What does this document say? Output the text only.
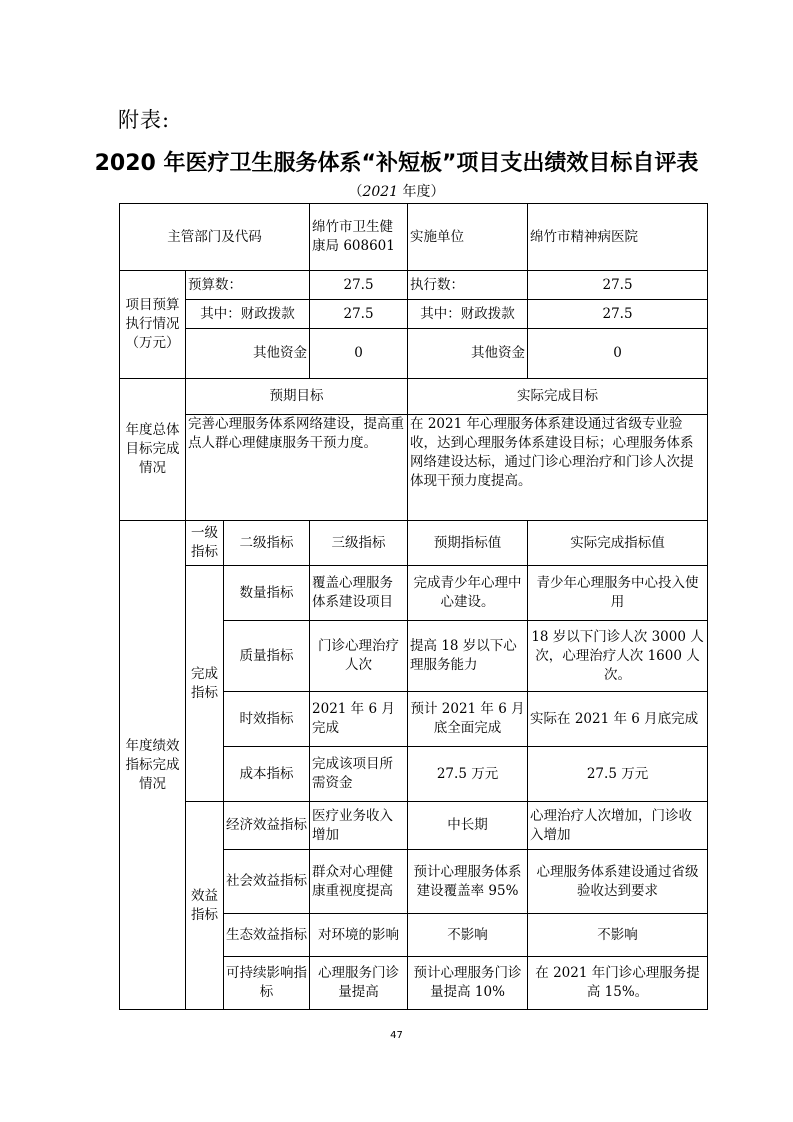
附表:
2020 年医疗卫生服务体系“补短板”项目支出绩效目标自评表
（2021 年度）
主管部门及代码			绵竹市卫生健康局 608601	实施单位	绵竹市精神病医院
项目预算执行情况（万元）	预算数：		27.5	执行数：	27.5
	其中：财政拨款		27.5	其中：财政拨款	27.5
	其他资金		0	其他资金	0
年度总体目标完成情况	预期目标			实际完成目标	
	完善心理服务体系网络建设，提高重点人群心理健康服务干预力度。			在 2021 年心理服务体系建设通过省级专业验收，达到心理服务体系建设目标；心理服务体系网络建设达标，通过门诊心理治疗和门诊人次提体现干预力度提高。	
年度绩效指标完成情况	一级指标	二级指标	三级指标	预期指标值	实际完成指标值
	完成指标	数量指标	覆盖心理服务体系建设项目	完成青少年心理中心建设。	青少年心理服务中心投入使用
		质量指标	门诊心理治疗人次	提高 18 岁以下心理服务能力	18 岁以下门诊人次 3000 人次，心理治疗人次 1600 人次。
		时效指标	2021 年 6 月完成	预计 2021 年 6 月底全面完成	实际在 2021 年 6 月底完成
		成本指标	完成该项目所需资金	27.5 万元	27.5 万元
	效益指标	经济效益指标	医疗业务收入增加	中长期	心理治疗人次增加，门诊收入增加
		社会效益指标	群众对心理健康重视度提高	预计心理服务体系建设覆盖率 95%	心理服务体系建设通过省级验收达到要求
		生态效益指标	对环境的影响	不影响	不影响
		可持续影响指标	心理服务门诊量提高	预计心理服务门诊量提高 10%	在 2021 年门诊心理服务提高 15%。
47
